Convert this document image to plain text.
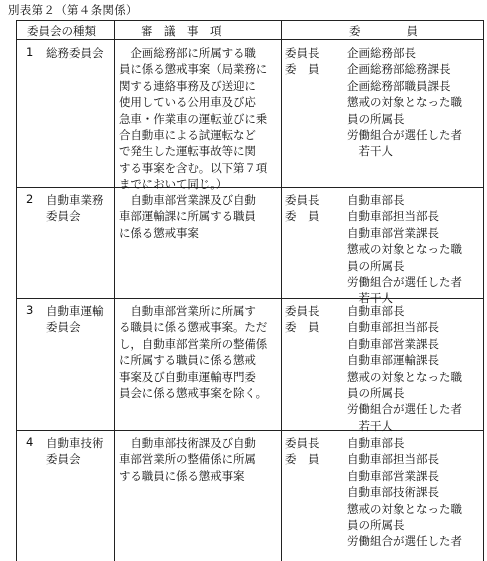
別表第２（第４条関係）
委員会の種類	審　議　事　項	委　　　　員
1 総務委員会 　企画総務部に所属する職
員に係る懲戒事案（局業務に
関する連絡事務及び送迎に
使用している公用車及び応
急車・作業車の運転並びに乗
合自動車による試運転など
で発生した運転事故等に関
する事案を含む。以下第７項
までにおいて同じ。）
委員長
委　員
企画総務部長
企画総務部総務課長
企画総務部職員課長
懲戒の対象となった職
員の所属長
労働組合が選任した者
　若干人
2 自動車業務
委員会
　自動車部営業課及び自動
車部運輸課に所属する職員
に係る懲戒事案
委員長
委　員
自動車部長
自動車部担当部長
自動車部営業課長
懲戒の対象となった職
員の所属長
労働組合が選任した者
　若干人
3 自動車運輸
委員会
　自動車部営業所に所属す
る職員に係る懲戒事案。ただ
し，自動車部営業所の整備係
に所属する職員に係る懲戒
事案及び自動車運輸専門委
員会に係る懲戒事案を除く。
委員長
委　員
自動車部長
自動車部担当部長
自動車部営業課長
自動車部運輸課長
懲戒の対象となった職
員の所属長
労働組合が選任した者
　若干人
4 自動車技術
委員会
　自動車部技術課及び自動
車部営業所の整備係に所属
する職員に係る懲戒事案
委員長
委　員
自動車部長
自動車部担当部長
自動車部営業課長
自動車部技術課長
懲戒の対象となった職
員の所属長
労働組合が選任した者
